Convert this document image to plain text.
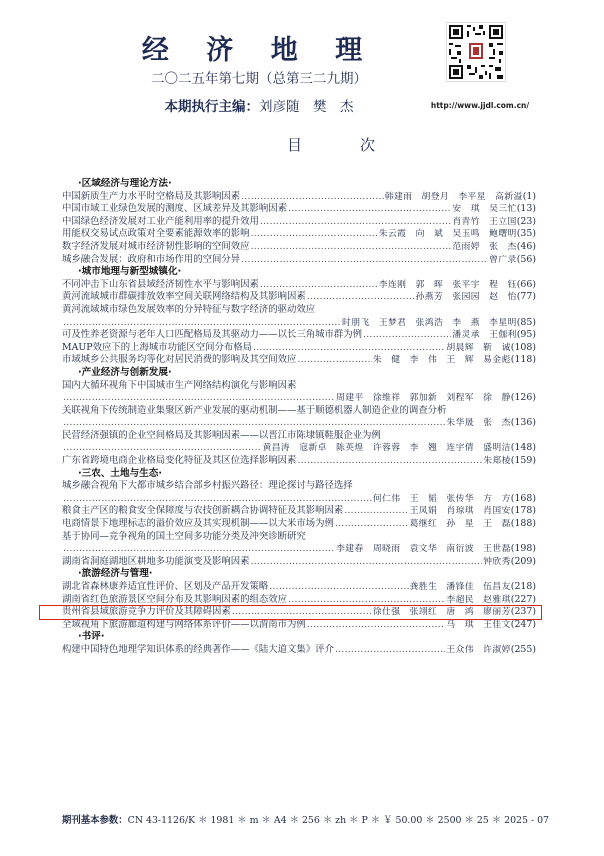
经 济 地 理
二〇二五年第七期（总第三二九期）
本期执行主编：刘彦随　樊　杰	http://www.jjdl.com.cn/
目次
·区域经济与理论方法·
中国新质生产力水平时空格局及其影响因素 ……………………………………………………………………………………………………………………………………………………………	韩建雨　胡登月　李平星　高新溢 (1)
中国市域工业绿色发展的测度、区域差异及其影响因素 ……………………………………………………………………………………………………………………………………………………………	安　琪　吴三忙 (13)
中国绿色经济发展对工业产能利用率的提升效用 ……………………………………………………………………………………………………………………………………………………………	肖青竹　王立国 (23)
用能权交易试点政策对全要素能源效率的影响 ……………………………………………………………………………………………………………………………………………………………	朱云霞　向　斌　吴玉鸣　鲍曙明 (35)
数字经济发展对城市经济韧性影响的空间效应 ……………………………………………………………………………………………………………………………………………………………	范雨婷　张　杰 (46)
城乡融合发展：政府和市场作用的空间分异 ……………………………………………………………………………………………………………………………………………………………	曾广录 (56)
·城市地理与新型城镇化·
不同冲击下山东省县域经济韧性水平与影响因素 ……………………………………………………………………………………………………………………………………………………………	李连刚　郭　晖　张平宇　程　钰 (66)
黄河流域城市群碳排放效率空间关联网络结构及其影响因素 ……………………………………………………………………………………………………………………………………………………………	孙燕芳　张园园　赵　怡 (77)
黄河流域城市绿色发展效率的分异特征与数字经济的驱动效应
……………………………………………………………………………………………………………………………………………………………
时朋飞　王梦君　张鸿浩　李　燕　李星明 (85)
可及性养老资源与老年人口匹配格局及其驱动力——以长三角城市群为例 ……………………………………………………………………………………………………………………………………………………………	潘灵承　王伽利 (95)
MAUP效应下的上海城市功能区空间分布格局 ……………………………………………………………………………………………………………………………………………………………	胡晨辉　靳　诚 (108)
市域城乡公共服务均等化对居民消费的影响及其空间效应 ……………………………………………………………………………………………………………………………………………………………	朱　健　李　伟　王　辉　易金彪 (118)
·产业经济与创新发展·
国内大循环视角下中国城市生产网络结构演化与影响因素
……………………………………………………………………………………………………………………………………………………………
周建平　徐维祥　郭加新　刘程军　徐　静 (126)
关联视角下传统制造业集聚区新产业发展的驱动机制——基于顺德机器人制造企业的调查分析
……………………………………………………………………………………………………………………………………………………………
朱华晟　张　杰 (136)
民营经济强镇的企业空间格局及其影响因素——以晋江市陈埭镇鞋服企业为例
……………………………………………………………………………………………………………………………………………………………
黄昌涛　寇新卓　陈英煌　许蓉蓉　李　翘　连宇倩　盛明洁 (148)
广东省跨境电商企业格局变化特征及其区位选择影响因素 ……………………………………………………………………………………………………………………………………………………………	朱郑棱 (159)
·三农、土地与生态·
城乡融合视角下大都市城乡结合部乡村振兴路径：理论探讨与路径选择
……………………………………………………………………………………………………………………………………………………………
何仁伟　王　韬　张传华　方　方 (168)
粮食主产区的粮食安全保障度与农技创新耦合协调特征及其影响因素 ……………………………………………………………………………………………………………………………………………………………	王凤娟　肖琼琪　肖国安 (178)
电商情景下地理标志的溢价效应及其实现机制——以大米市场为例 ……………………………………………………………………………………………………………………………………………………………	葛继红　孙　星　王　磊 (188)
基于协同—竞争视角的国土空间多功能分类及冲突诊断研究
……………………………………………………………………………………………………………………………………………………………
李建春　周晓雨　袁文华　南衍波　王世磊 (198)
湖南省洞庭湖地区耕地多功能演变及影响因素 ……………………………………………………………………………………………………………………………………………………………	钟欣秀 (209)
·旅游经济与管理·
湖北省森林康养适宜性评价、区划及产品开发策略 ……………………………………………………………………………………………………………………………………………………………	龚胜生　潘锋佳　伍昌友 (218)
湖南省红色旅游景区空间分布及其影响因素的组态效应 ……………………………………………………………………………………………………………………………………………………………	李超民　赵雅琪 (227)
贵州省县域旅游竞争力评价及其障碍因素 ……………………………………………………………………………………………………………………………………………………………	徐仕强　张翊红　唐　鸿　廖丽芳 (237)
全域视角下旅游廊道构建与网络体系评价——以渭南市为例 ……………………………………………………………………………………………………………………………………………………………	马　琪　王佳文 (247)
·书评·
构建中国特色地理学知识体系的经典著作——《陆大道文集》评介 ……………………………………………………………………………………………………………………………………………………………	王众伟　许淑婷 (255)
期刊基本参数：CN 43-1126/K ＊ 1981 ＊ m ＊ A4 ＊ 256 ＊ zh ＊ P ＊ ￥ 50.00 ＊ 2500 ＊ 25 ＊ 2025 - 07
